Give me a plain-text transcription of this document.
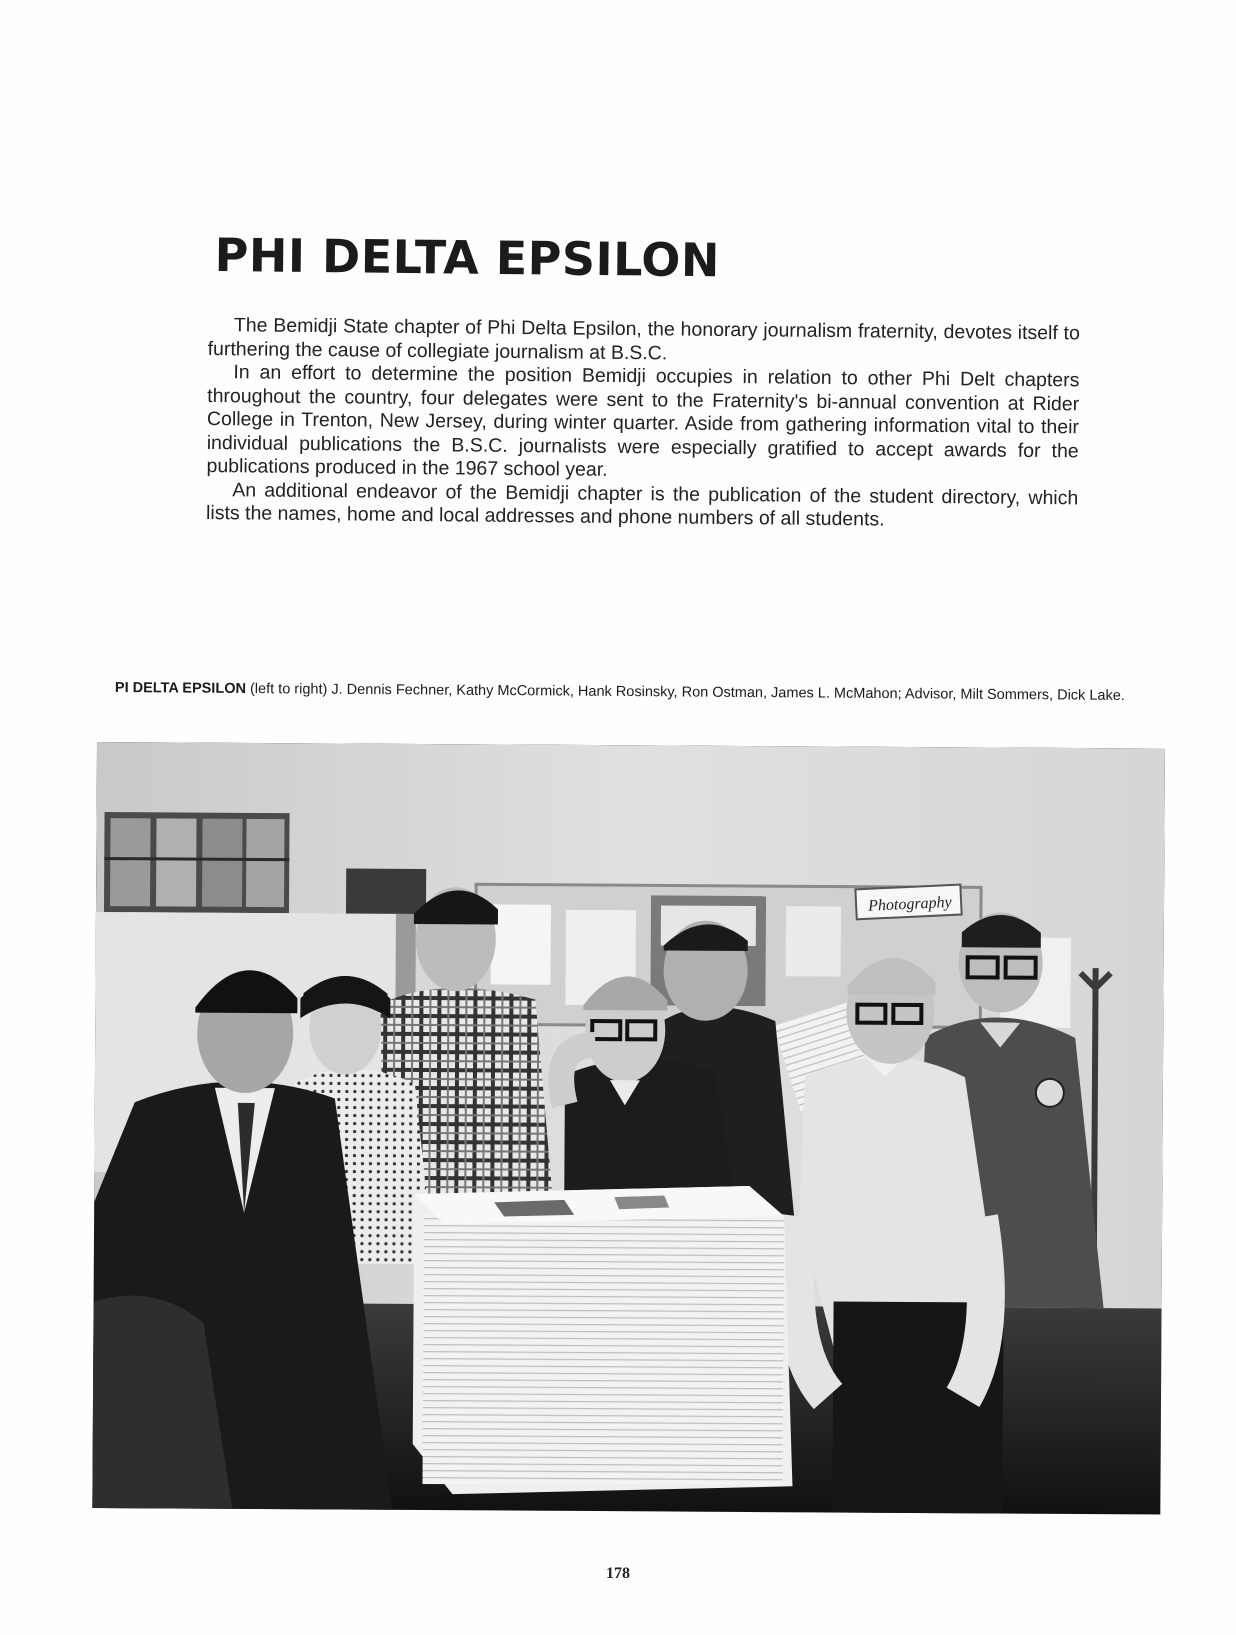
PHI DELTA EPSILON

The Bemidji State chapter of Phi Delta Epsilon, the honorary journalism fraternity, devotes itself to furthering the cause of collegiate journalism at B.S.C.

In an effort to determine the position Bemidji occupies in relation to other Phi Delt chapters throughout the country, four delegates were sent to the Fraternity's bi-annual convention at Rider College in Trenton, New Jersey, during winter quarter. Aside from gathering information vital to their individual publications the B.S.C. journalists were especially gratified to accept awards for the publications produced in the 1967 school year.

An additional endeavor of the Bemidji chapter is the publication of the student directory, which lists the names, home and local addresses and phone numbers of all students.

PI DELTA EPSILON (left to right) J. Dennis Fechner, Kathy McCormick, Hank Rosinsky, Ron Ostman, James L. McMahon; Advisor, Milt Sommers, Dick Lake.
Photography
178
